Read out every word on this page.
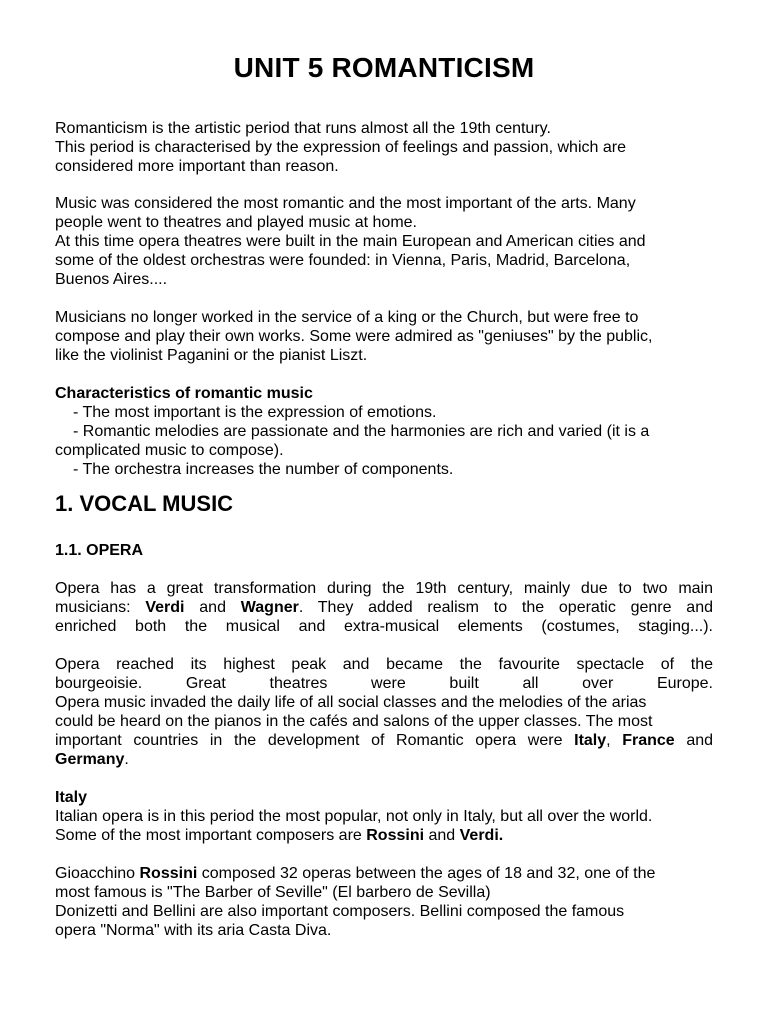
UNIT 5 ROMANTICISM

Romanticism is the artistic period that runs almost all the 19th century.
This period is characterised by the expression of feelings and passion, which are
considered more important than reason.

Music was considered the most romantic and the most important of the arts. Many
people went to theatres and played music at home.
At this time opera theatres were built in the main European and American cities and
some of the oldest orchestras were founded: in Vienna, Paris, Madrid, Barcelona,
Buenos Aires....

Musicians no longer worked in the service of a king or the Church, but were free to
compose and play their own works. Some were admired as "geniuses" by the public,
like the violinist Paganini or the pianist Liszt.

Characteristics of romantic music
- The most important is the expression of emotions.
- Romantic melodies are passionate and the harmonies are rich and varied (it is a
complicated music to compose).
- The orchestra increases the number of components.
1. VOCAL MUSIC
1.1. OPERA

Opera has a great transformation during the 19th century, mainly due to two main
musicians: Verdi and Wagner. They added realism to the operatic genre and
enriched both the musical and extra-musical elements (costumes, staging...).

Opera reached its highest peak and became the favourite spectacle of the
bourgeoisie. Great theatres were built all over Europe.
Opera music invaded the daily life of all social classes and the melodies of the arias
could be heard on the pianos in the cafés and salons of the upper classes. The most
important countries in the development of Romantic opera were Italy, France and
Germany.

Italy
Italian opera is in this period the most popular, not only in Italy, but all over the world.
Some of the most important composers are Rossini and Verdi.

Gioacchino Rossini composed 32 operas between the ages of 18 and 32, one of the
most famous is "The Barber of Seville" (El barbero de Sevilla)
Donizetti and Bellini are also important composers. Bellini composed the famous
opera "Norma" with its aria Casta Diva.
